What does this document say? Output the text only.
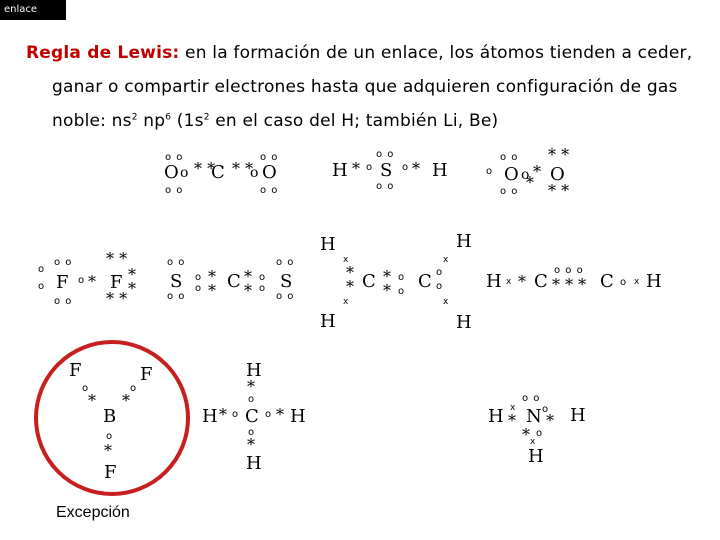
enlace
Regla de Lewis: en la formación de un enlace, los átomos tienden a ceder,
ganar o compartir electrones hasta que adquieren configuración de gas
noble: $ns^2$ $np^6$ ($1s^2$ en el caso del H; también Li, Be)
o o
O
o o
o * *
C * *
o
o o
O
o o
H * o
o o
S
o o
o * H
o o
o O
o o
o *
*
* *
O
* *
o o
o
o F
o o
o *
* *
F *
*
* *
o o
S
o o
o
o
*
* C *
*
o
o
o o
S
o o
H
x
*
* C *
*
o
o C o
o
x
H
x
H
x
H
H x * C
o o o
* * * C o x H
F
o
*
F
o
*
B
o
*
F
Excepción
H
*
o
H * o C o * H
o
*
H
H x
*
o o
N o
* H
* o
x
H
